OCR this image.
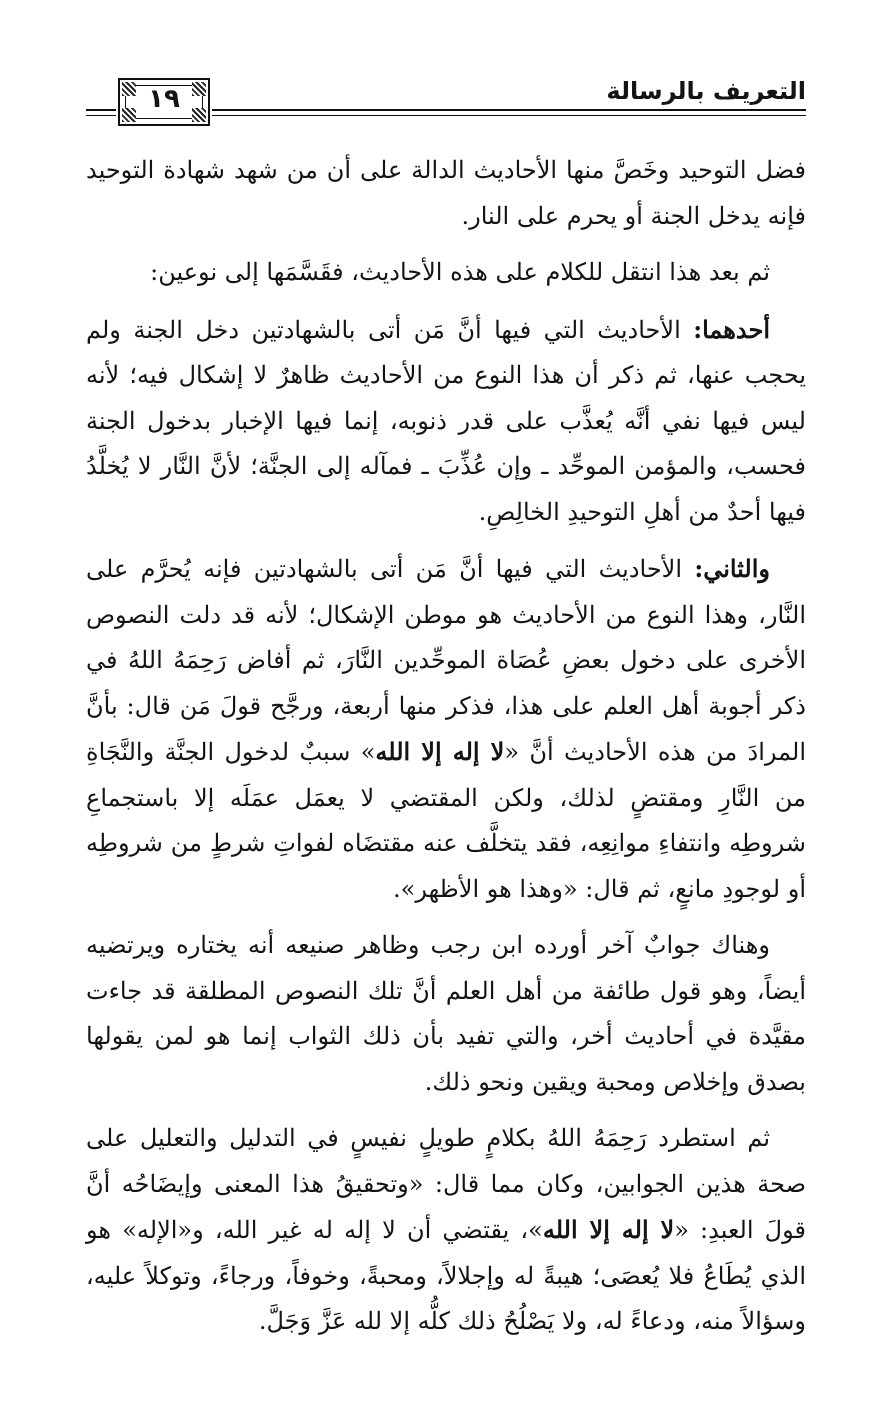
التعريف بالرسالة
١٩

فضل التوحيد وخَصَّ منها الأحاديث الدالة على أن من شهد شهادة التوحيد فإنه يدخل الجنة أو يحرم على النار.

ثم بعد هذا انتقل للكلام على هذه الأحاديث، فقَسَّمَها إلى نوعين:

أحدهما: الأحاديث التي فيها أنَّ مَن أتى بالشهادتين دخل الجنة ولم يحجب عنها، ثم ذكر أن هذا النوع من الأحاديث ظاهرٌ لا إشكال فيه؛ لأنه ليس فيها نفي أنَّه يُعذَّب على قدر ذنوبه، إنما فيها الإخبار بدخول الجنة فحسب، والمؤمن الموحِّد ـ وإن عُذِّبَ ـ فمآله إلى الجنَّة؛ لأنَّ النَّار لا يُخلَّدُ فيها أحدٌ من أهلِ التوحيدِ الخالِصِ.

والثاني: الأحاديث التي فيها أنَّ مَن أتى بالشهادتين فإنه يُحرَّم على النَّار، وهذا النوع من الأحاديث هو موطن الإشكال؛ لأنه قد دلت النصوص الأخرى على دخول بعضِ عُصَاة الموحِّدين النَّارَ، ثم أفاض رَحِمَهُ اللهُ في ذكر أجوبة أهل العلم على هذا، فذكر منها أربعة، ورجَّح قولَ مَن قال: بأنَّ المرادَ من هذه الأحاديث أنَّ «لا إله إلا الله» سببٌ لدخول الجنَّة والنَّجَاةِ من النَّارِ ومقتضٍ لذلك، ولكن المقتضي لا يعمَل عمَلَه إلا باستجماعِ شروطِه وانتفاءِ موانِعِه، فقد يتخلَّف عنه مقتضَاه لفواتِ شرطٍ من شروطِه أو لوجودِ مانعٍ، ثم قال: «وهذا هو الأظهر».

وهناك جوابٌ آخر أورده ابن رجب وظاهر صنيعه أنه يختاره ويرتضيه أيضاً، وهو قول طائفة من أهل العلم أنَّ تلك النصوص المطلقة قد جاءت مقيَّدة في أحاديث أخر، والتي تفيد بأن ذلك الثواب إنما هو لمن يقولها بصدق وإخلاص ومحبة ويقين ونحو ذلك.

ثم استطرد رَحِمَهُ اللهُ بكلامٍ طويلٍ نفيسٍ في التدليل والتعليل على صحة هذين الجوابين، وكان مما قال: «وتحقيقُ هذا المعنى وإيضَاحُه أنَّ قولَ العبدِ: «لا إله إلا الله»، يقتضي أن لا إله له غير الله، و«الإله» هو الذي يُطَاعُ فلا يُعصَى؛ هيبةً له وإجلالاً، ومحبةً، وخوفاً، ورجاءً، وتوكلاً عليه، وسؤالاً منه، ودعاءً له، ولا يَصْلُحُ ذلك كلُّه إلا لله عَزَّ وَجَلَّ.
